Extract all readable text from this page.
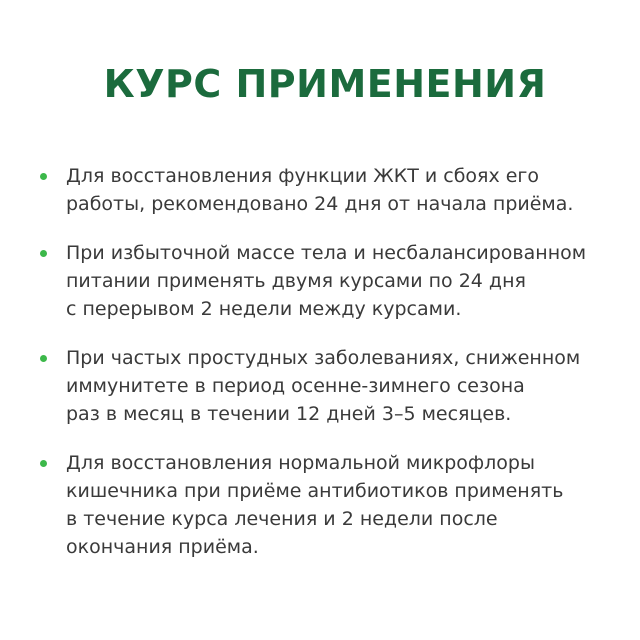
КУРС ПРИМЕНЕНИЯ
Для восстановления функции ЖКТ и сбоях его
работы, рекомендовано 24 дня от начала приёма.
При избыточной массе тела и несбалансированном
питании применять двумя курсами по 24 дня
с перерывом 2 недели между курсами.
При частых простудных заболеваниях, сниженном
иммунитете в период осенне-зимнего сезона
раз в месяц в течении 12 дней 3–5 месяцев.
Для восстановления нормальной микрофлоры
кишечника при приёме антибиотиков применять
в течение курса лечения и 2 недели после
окончания приёма.
